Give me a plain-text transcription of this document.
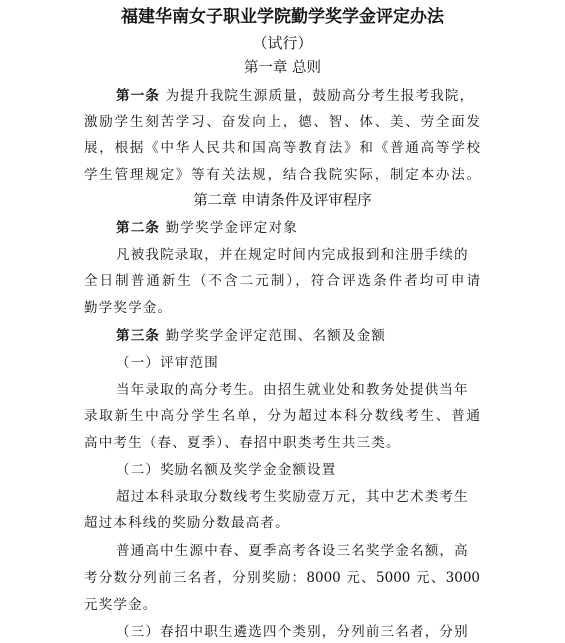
福建华南女子职业学院勤学奖学金评定办法
（试行）
第一章 总则
第一条 为提升我院生源质量，鼓励高分考生报考我院，
激励学生刻苦学习、奋发向上，德、智、体、美、劳全面发
展，根据《中华人民共和国高等教育法》和《普通高等学校
学生管理规定》等有关法规，结合我院实际，制定本办法。
第二章 申请条件及评审程序
第二条 勤学奖学金评定对象
凡被我院录取，并在规定时间内完成报到和注册手续的
全日制普通新生（不含二元制），符合评选条件者均可申请
勤学奖学金。
第三条 勤学奖学金评定范围、名额及金额
（一）评审范围
当年录取的高分考生。由招生就业处和教务处提供当年
录取新生中高分学生名单，分为超过本科分数线考生、普通
高中考生（春、夏季）、春招中职类考生共三类。
（二）奖励名额及奖学金金额设置
超过本科录取分数线考生奖励壹万元，其中艺术类考生
超过本科线的奖励分数最高者。
普通高中生源中春、夏季高考各设三名奖学金名额，高
考分数分列前三名者，分别奖励：8000 元、5000 元、3000
元奖学金。
（三）春招中职生遴选四个类别，分列前三名者，分别
